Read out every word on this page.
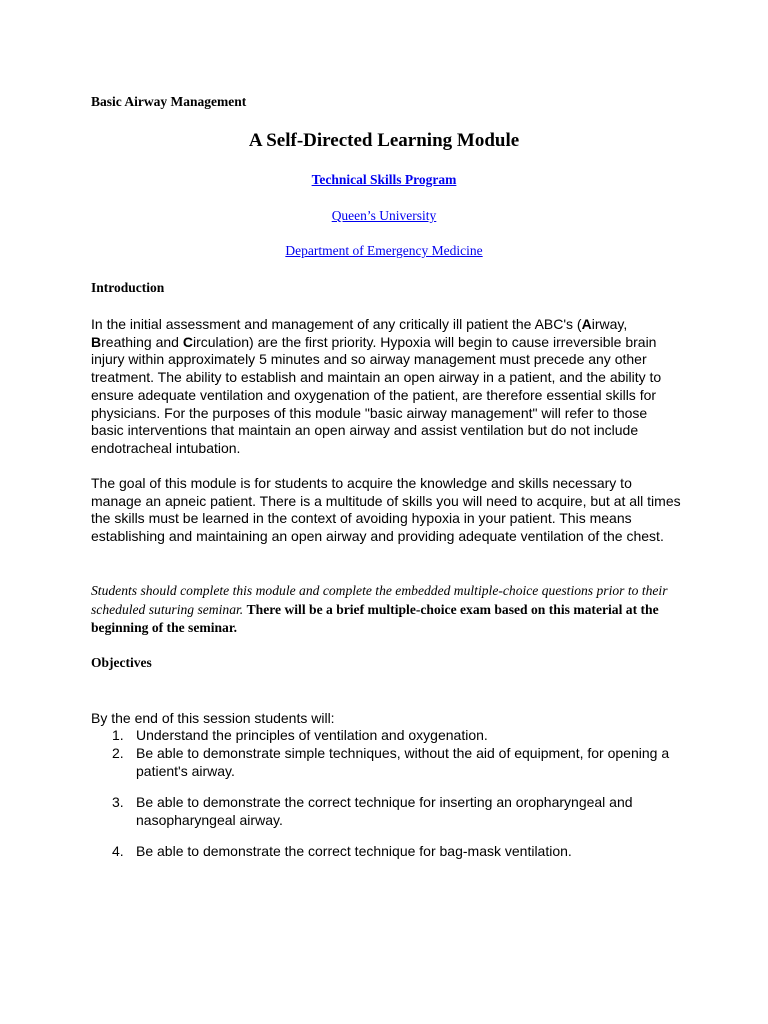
Basic Airway Management
A Self-Directed Learning Module
Technical Skills Program
Queen’s University
Department of Emergency Medicine
Introduction

In the initial assessment and management of any critically ill patient the ABC's (Airway, Breathing and Circulation) are the first priority. Hypoxia will begin to cause irreversible brain injury within approximately 5 minutes and so airway management must precede any other treatment. The ability to establish and maintain an open airway in a patient, and the ability to ensure adequate ventilation and oxygenation of the patient, are therefore essential skills for physicians. For the purposes of this module "basic airway management" will refer to those basic interventions that maintain an open airway and assist ventilation but do not include endotracheal intubation.

The goal of this module is for students to acquire the knowledge and skills necessary to manage an apneic patient. There is a multitude of skills you will need to acquire, but at all times the skills must be learned in the context of avoiding hypoxia in your patient. This means establishing and maintaining an open airway and providing adequate ventilation of the chest.

Students should complete this module and complete the embedded multiple-choice questions prior to their scheduled suturing seminar. There will be a brief multiple-choice exam based on this material at the beginning of the seminar.

Objectives
By the end of this session students will:
1. Understand the principles of ventilation and oxygenation.
2. Be able to demonstrate simple techniques, without the aid of equipment, for opening a patient's airway.
3. Be able to demonstrate the correct technique for inserting an oropharyngeal and nasopharyngeal airway.
4. Be able to demonstrate the correct technique for bag-mask ventilation.
